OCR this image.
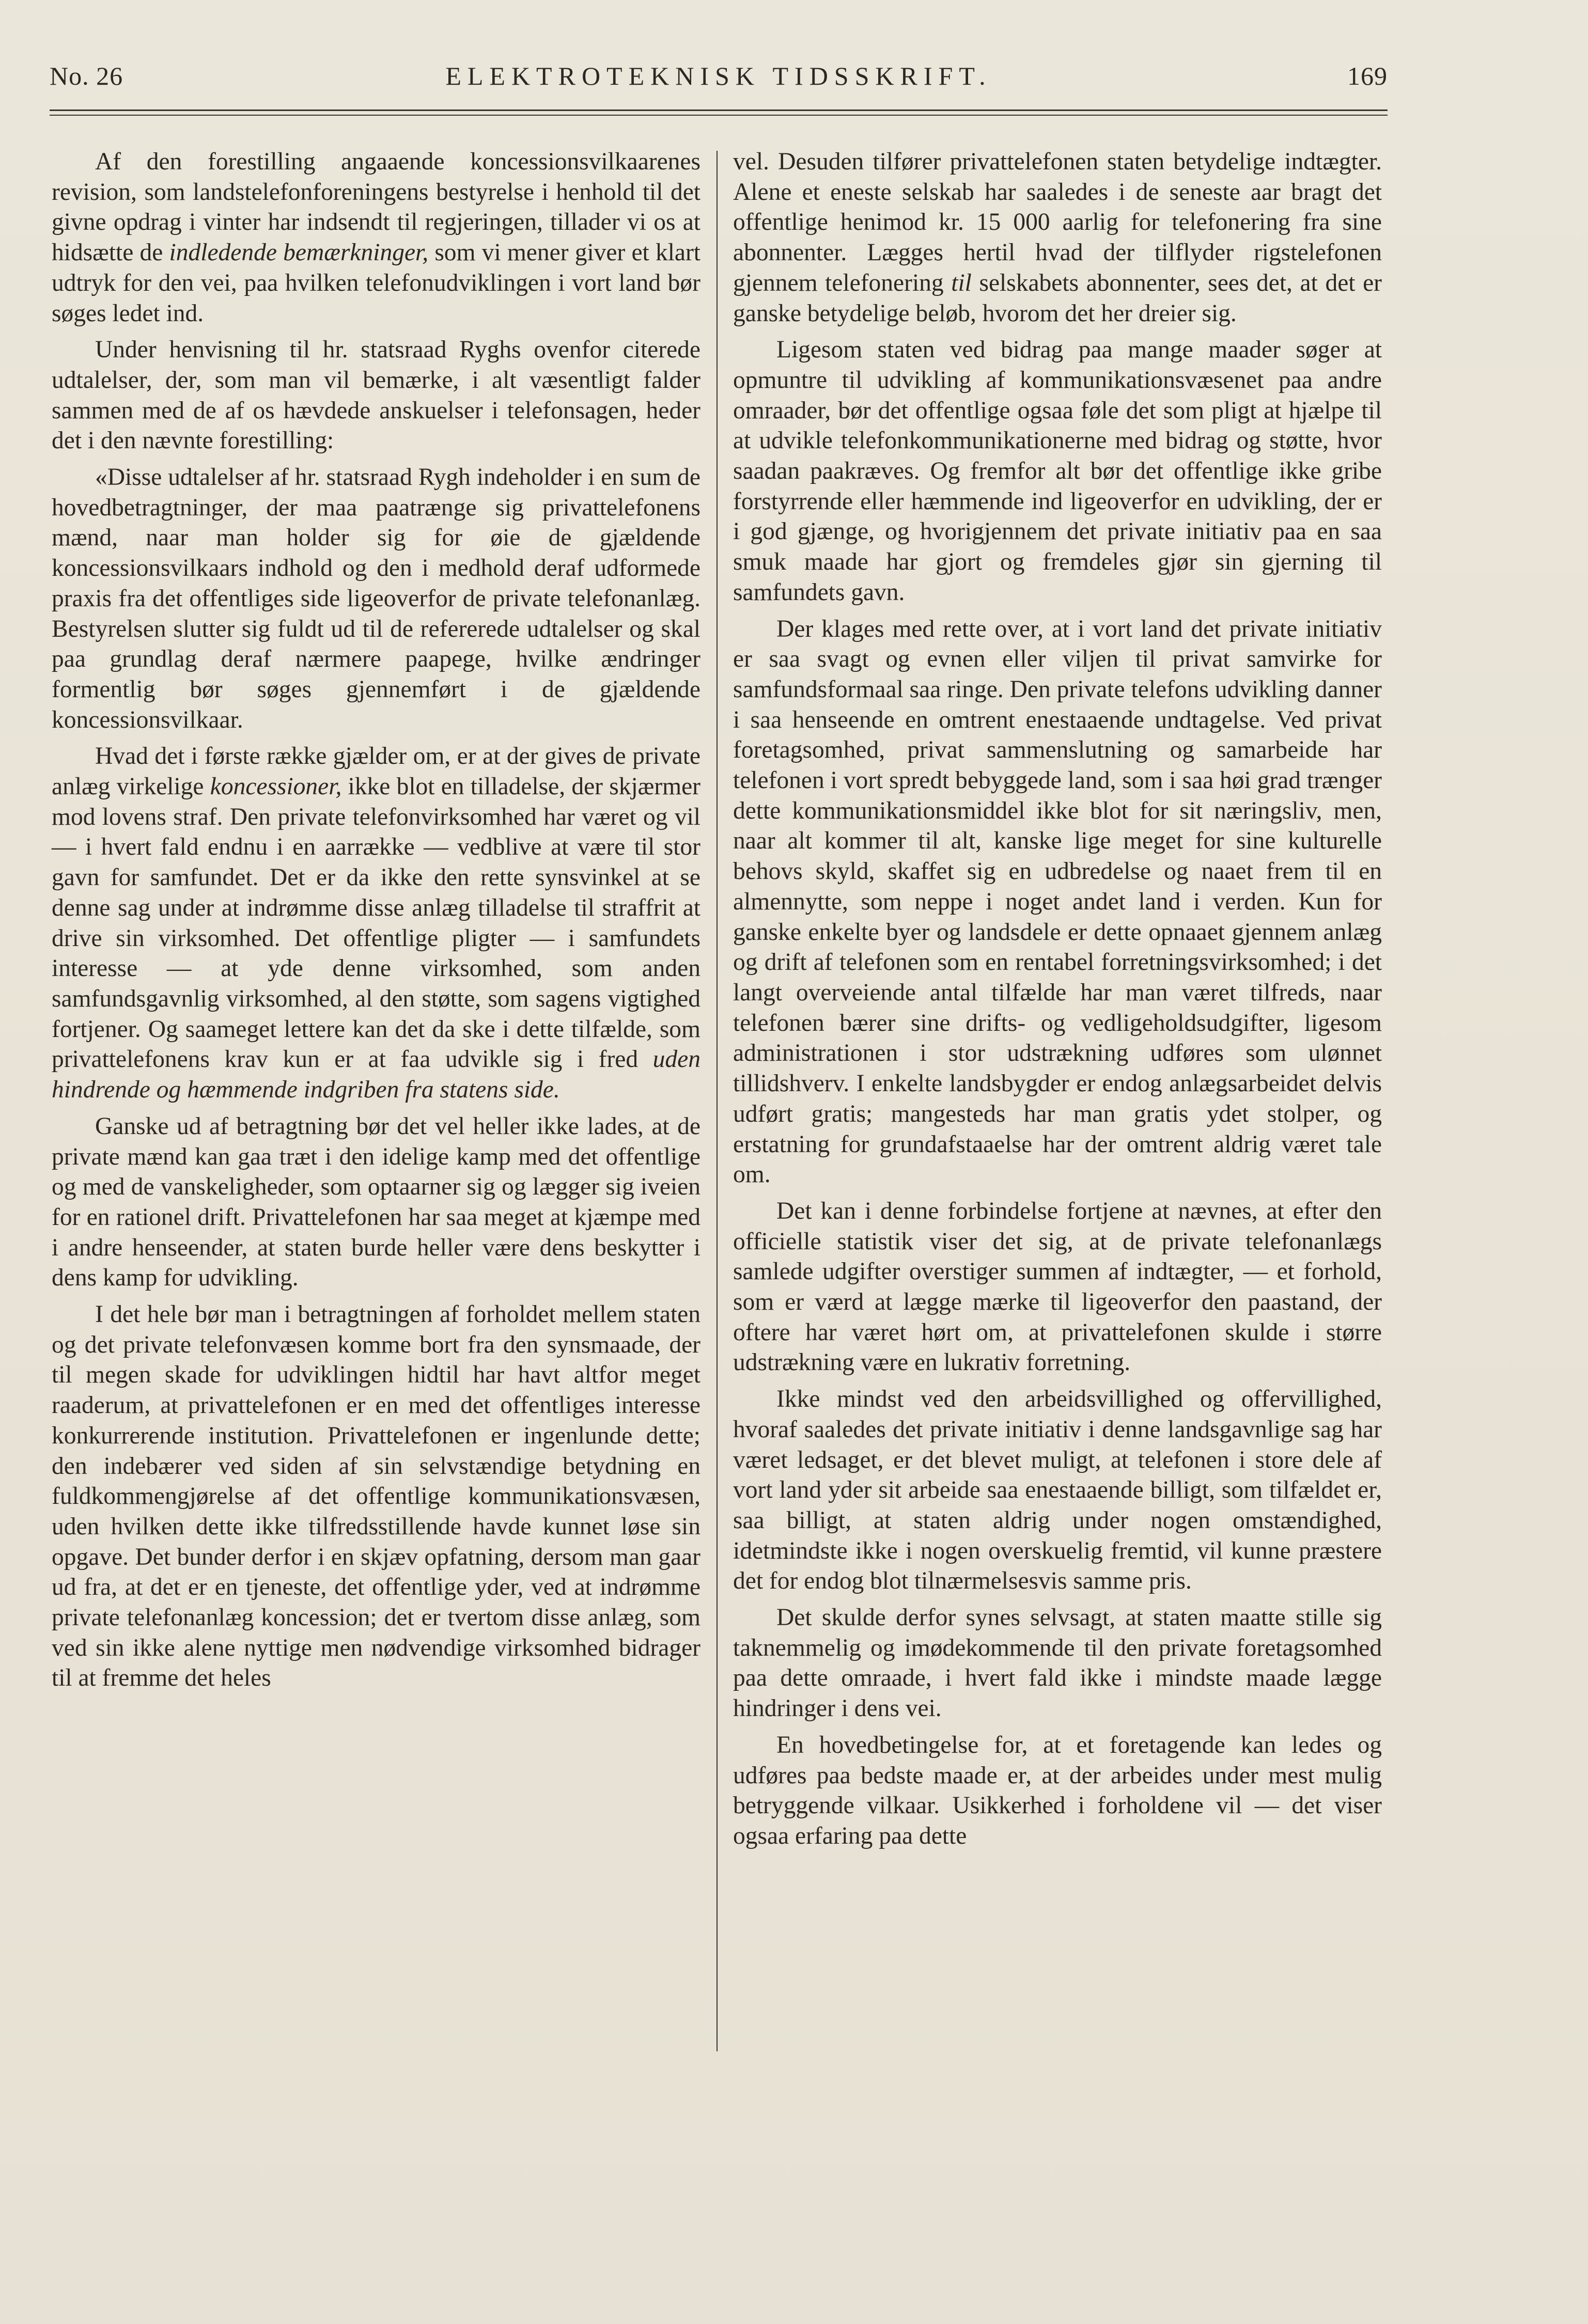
No. 26	ELEKTROTEKNISK TIDSSKRIFT.	169

Af den forestilling angaaende koncessionsvilkaarenes revision, som landstelefonforeningens bestyrelse i henhold til det givne opdrag i vinter har indsendt til regjeringen, tillader vi os at hidsætte de indledende bemærkninger, som vi mener giver et klart udtryk for den vei, paa hvilken telefonudviklingen i vort land bør søges ledet ind.

Under henvisning til hr. statsraad Ryghs ovenfor citerede udtalelser, der, som man vil bemærke, i alt væsentligt falder sammen med de af os hævdede anskuelser i telefonsagen, heder det i den nævnte forestilling:

«Disse udtalelser af hr. statsraad Rygh indeholder i en sum de hovedbetragtninger, der maa paatrænge sig privattelefonens mænd, naar man holder sig for øie de gjældende koncessionsvilkaars indhold og den i medhold deraf udformede praxis fra det offentliges side ligeoverfor de private telefonanlæg. Bestyrelsen slutter sig fuldt ud til de refererede udtalelser og skal paa grundlag deraf nærmere paapege, hvilke ændringer formentlig bør søges gjennemført i de gjældende koncessionsvilkaar.

Hvad det i første række gjælder om, er at der gives de private anlæg virkelige koncessioner, ikke blot en tilladelse, der skjærmer mod lovens straf. Den private telefonvirksomhed har været og vil — i hvert fald endnu i en aarrække — vedblive at være til stor gavn for samfundet. Det er da ikke den rette synsvinkel at se denne sag under at indrømme disse anlæg tilladelse til straffrit at drive sin virksomhed. Det offentlige pligter — i samfundets interesse — at yde denne virksomhed, som anden samfundsgavnlig virksomhed, al den støtte, som sagens vigtighed fortjener. Og saameget lettere kan det da ske i dette tilfælde, som privattelefonens krav kun er at faa udvikle sig i fred uden hindrende og hæmmende indgriben fra statens side.

Ganske ud af betragtning bør det vel heller ikke lades, at de private mænd kan gaa træt i den idelige kamp med det offentlige og med de vanskeligheder, som optaarner sig og lægger sig iveien for en rationel drift. Privattelefonen har saa meget at kjæmpe med i andre henseender, at staten burde heller være dens beskytter i dens kamp for udvikling.

I det hele bør man i betragtningen af forholdet mellem staten og det private telefonvæsen komme bort fra den synsmaade, der til megen skade for udviklingen hidtil har havt altfor meget raaderum, at privattelefonen er en med det offentliges interesse konkurrerende institution. Privattelefonen er ingenlunde dette; den indebærer ved siden af sin selvstændige betydning en fuldkommengjørelse af det offentlige kommunikationsvæsen, uden hvilken dette ikke tilfredsstillende havde kunnet løse sin opgave. Det bunder derfor i en skjæv opfatning, dersom man gaar ud fra, at det er en tjeneste, det offentlige yder, ved at indrømme private telefonanlæg koncession; det er tvertom disse anlæg, som ved sin ikke alene nyttige men nødvendige virksomhed bidrager til at fremme det heles

vel. Desuden tilfører privattelefonen staten betydelige indtægter. Alene et eneste selskab har saaledes i de seneste aar bragt det offentlige henimod kr. 15 000 aarlig for telefonering fra sine abonnenter. Lægges hertil hvad der tilflyder rigstelefonen gjennem telefonering til selskabets abonnenter, sees det, at det er ganske betydelige beløb, hvorom det her dreier sig.

Ligesom staten ved bidrag paa mange maader søger at opmuntre til udvikling af kommunikationsvæsenet paa andre omraader, bør det offentlige ogsaa føle det som pligt at hjælpe til at udvikle telefonkommunikationerne med bidrag og støtte, hvor saadan paakræves. Og fremfor alt bør det offentlige ikke gribe forstyrrende eller hæmmende ind ligeoverfor en udvikling, der er i god gjænge, og hvorigjennem det private initiativ paa en saa smuk maade har gjort og fremdeles gjør sin gjerning til samfundets gavn.

Der klages med rette over, at i vort land det private initiativ er saa svagt og evnen eller viljen til privat samvirke for samfundsformaal saa ringe. Den private telefons udvikling danner i saa henseende en omtrent enestaaende undtagelse. Ved privat foretagsomhed, privat sammenslutning og samarbeide har telefonen i vort spredt bebyggede land, som i saa høi grad trænger dette kommunikationsmiddel ikke blot for sit næringsliv, men, naar alt kommer til alt, kanske lige meget for sine kulturelle behovs skyld, skaffet sig en udbredelse og naaet frem til en almennytte, som neppe i noget andet land i verden. Kun for ganske enkelte byer og landsdele er dette opnaaet gjennem anlæg og drift af telefonen som en rentabel forretningsvirksomhed; i det langt overveiende antal tilfælde har man været tilfreds, naar telefonen bærer sine drifts- og vedligeholdsudgifter, ligesom administrationen i stor udstrækning udføres som ulønnet tillidshverv. I enkelte landsbygder er endog anlægsarbeidet delvis udført gratis; mangesteds har man gratis ydet stolper, og erstatning for grundafstaaelse har der omtrent aldrig været tale om.

Det kan i denne forbindelse fortjene at nævnes, at efter den officielle statistik viser det sig, at de private telefonanlægs samlede udgifter overstiger summen af indtægter, — et forhold, som er værd at lægge mærke til ligeoverfor den paastand, der oftere har været hørt om, at privattelefonen skulde i større udstrækning være en lukrativ forretning.

Ikke mindst ved den arbeidsvillighed og offervillighed, hvoraf saaledes det private initiativ i denne landsgavnlige sag har været ledsaget, er det blevet muligt, at telefonen i store dele af vort land yder sit arbeide saa enestaaende billigt, som tilfældet er, saa billigt, at staten aldrig under nogen omstændighed, idetmindste ikke i nogen overskuelig fremtid, vil kunne præstere det for endog blot tilnærmelsesvis samme pris.

Det skulde derfor synes selvsagt, at staten maatte stille sig taknemmelig og imødekommende til den private foretagsomhed paa dette omraade, i hvert fald ikke i mindste maade lægge hindringer i dens vei.

En hovedbetingelse for, at et foretagende kan ledes og udføres paa bedste maade er, at der arbeides under mest mulig betryggende vilkaar. Usikkerhed i forholdene vil — det viser ogsaa erfaring paa dette
